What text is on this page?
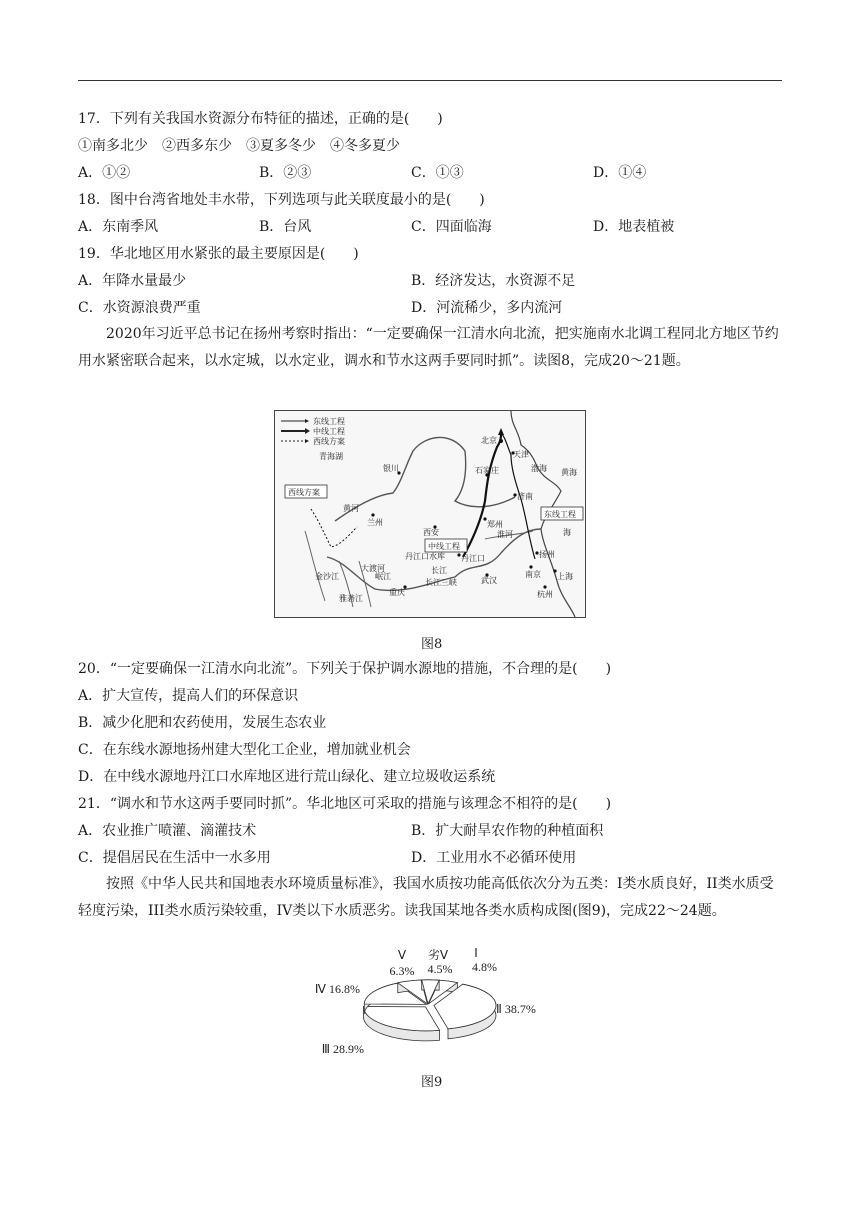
17．下列有关我国水资源分布特征的描述，正确的是(　　)
①南多北少　②西多东少　③夏多冬少　④冬多夏少
A．①②	B．②③	C．①③	D．①④
18．图中台湾省地处丰水带，下列选项与此关联度最小的是(　　)
A．东南季风	B．台风	C．四面临海	D．地表植被
19．华北地区用水紧张的最主要原因是(　　)
A．年降水量最少	B．经济发达，水资源不足
C．水资源浪费严重	D．河流稀少，多内流河
2020年习近平总书记在扬州考察时指出：“一定要确保一江清水向北流，把实施南水北调工程同北方地区节约用水紧密联合起来，以水定城，以水定业，调水和节水这两手要同时抓”。读图8，完成20～21题。
东线工程
中线工程
西线方案
西线方案
中线工程
东线工程
银川
兰州
西安
郑州
北京
天津
石家庄
济南
丹江口
丹江口水库
武汉
重庆
扬州
南京 上海
杭州
青海湖
渤海 黄海
海
黄河
金沙江
雅砻江
大渡河
岷江
长江
淮河
长江三峡
图8
20．“一定要确保一江清水向北流”。下列关于保护调水源地的措施，不合理的是(　　)
A．扩大宣传，提高人们的环保意识
B．减少化肥和农药使用，发展生态农业
C．在东线水源地扬州建大型化工企业，增加就业机会
D．在中线水源地丹江口水库地区进行荒山绿化、建立垃圾收运系统
21．“调水和节水这两手要同时抓”。华北地区可采取的措施与该理念不相符的是(　　)
A．农业推广喷灌、滴灌技术	B．扩大耐旱农作物的种植面积
C．提倡居民在生活中一水多用	D．工业用水不必循环使用
按照《中华人民共和国地表水环境质量标准》，我国水质按功能高低依次分为五类：I类水质良好，II类水质受轻度污染，III类水质污染较重，IV类以下水质恶劣。读我国某地各类水质构成图(图9)，完成22～24题。
4.8%
Ⅱ 38.7%
Ⅲ 28.9%
Ⅳ 16.8%
6.3% 4.5%
Ⅴ 劣Ⅴ Ⅰ
图9
